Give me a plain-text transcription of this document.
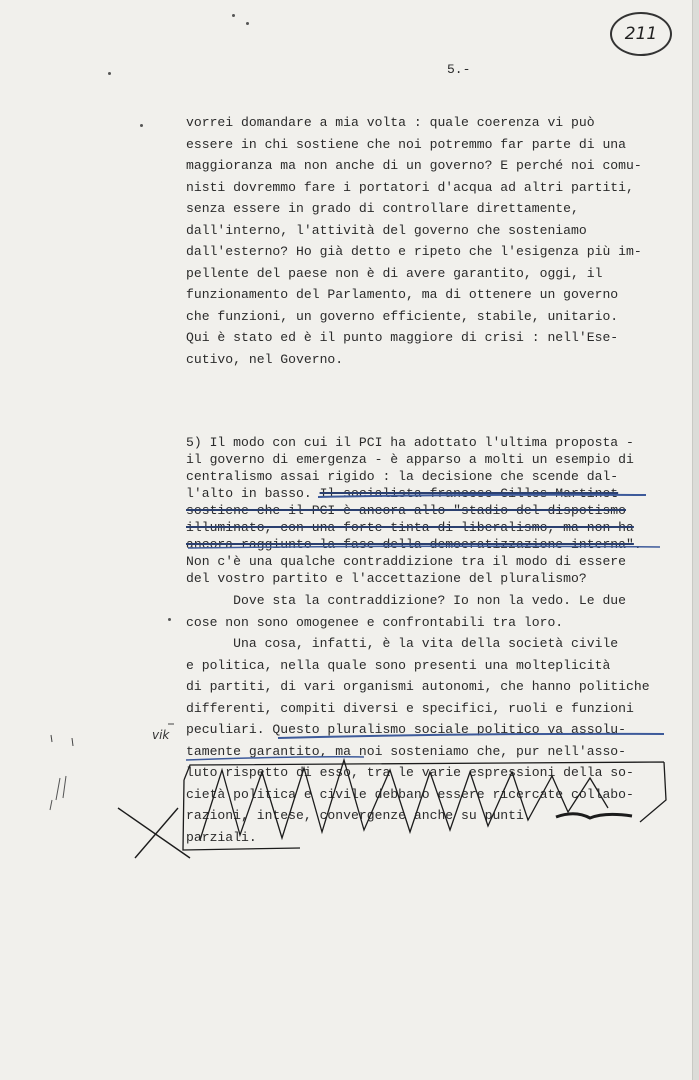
211
5.-

vorrei domandare a mia volta : quale coerenza vi può

essere in chi sostiene che noi potremmo far parte di una

maggioranza ma non anche di un governo? E perché noi comu-

nisti dovremmo fare i portatori d'acqua ad altri partiti,

senza essere in grado di controllare direttamente,

dall'interno, l'attività del governo che sosteniamo

dall'esterno? Ho già detto e ripeto che l'esigenza più im-

pellente del paese non è di avere garantito, oggi, il

funzionamento del Parlamento, ma di ottenere un governo

che funzioni, un governo efficiente, stabile, unitario.

Qui è stato ed è il punto maggiore di crisi : nell'Ese-

cutivo, nel Governo.

5) Il modo con cui il PCI ha adottato l'ultima proposta -

il governo di emergenza - è apparso a molti un esempio di

centralismo assai rigido : la decisione che scende dal-

l'alto in basso. Il socialista francese Gilles Martinet

sostiene che il PCI è ancora allo "stadio del dispotismo

illuminato, con una forte tinta di liberalismo, ma non ha

ancora raggiunto la fase della democratizzazione interna".

Non c'è una qualche contraddizione tra il modo di essere

del vostro partito e l'accettazione del pluralismo?

Dove sta la contraddizione? Io non la vedo. Le due

cose non sono omogenee e confrontabili tra loro.

Una cosa, infatti, è la vita della società civile

e politica, nella quale sono presenti una molteplicità

di partiti, di vari organismi autonomi, che hanno politiche

differenti, compiti diversi e specifici, ruoli e funzioni

peculiari. Questo pluralismo sociale politico va assolu-

tamente garantito, ma noi sosteniamo che, pur nell'asso-

luto rispetto di esso, tra le varie espressioni della so-

cietà politica e civile debbano essere ricercate collabo-

razioni, intese, convergenze anche su punti

parziali.

vik
